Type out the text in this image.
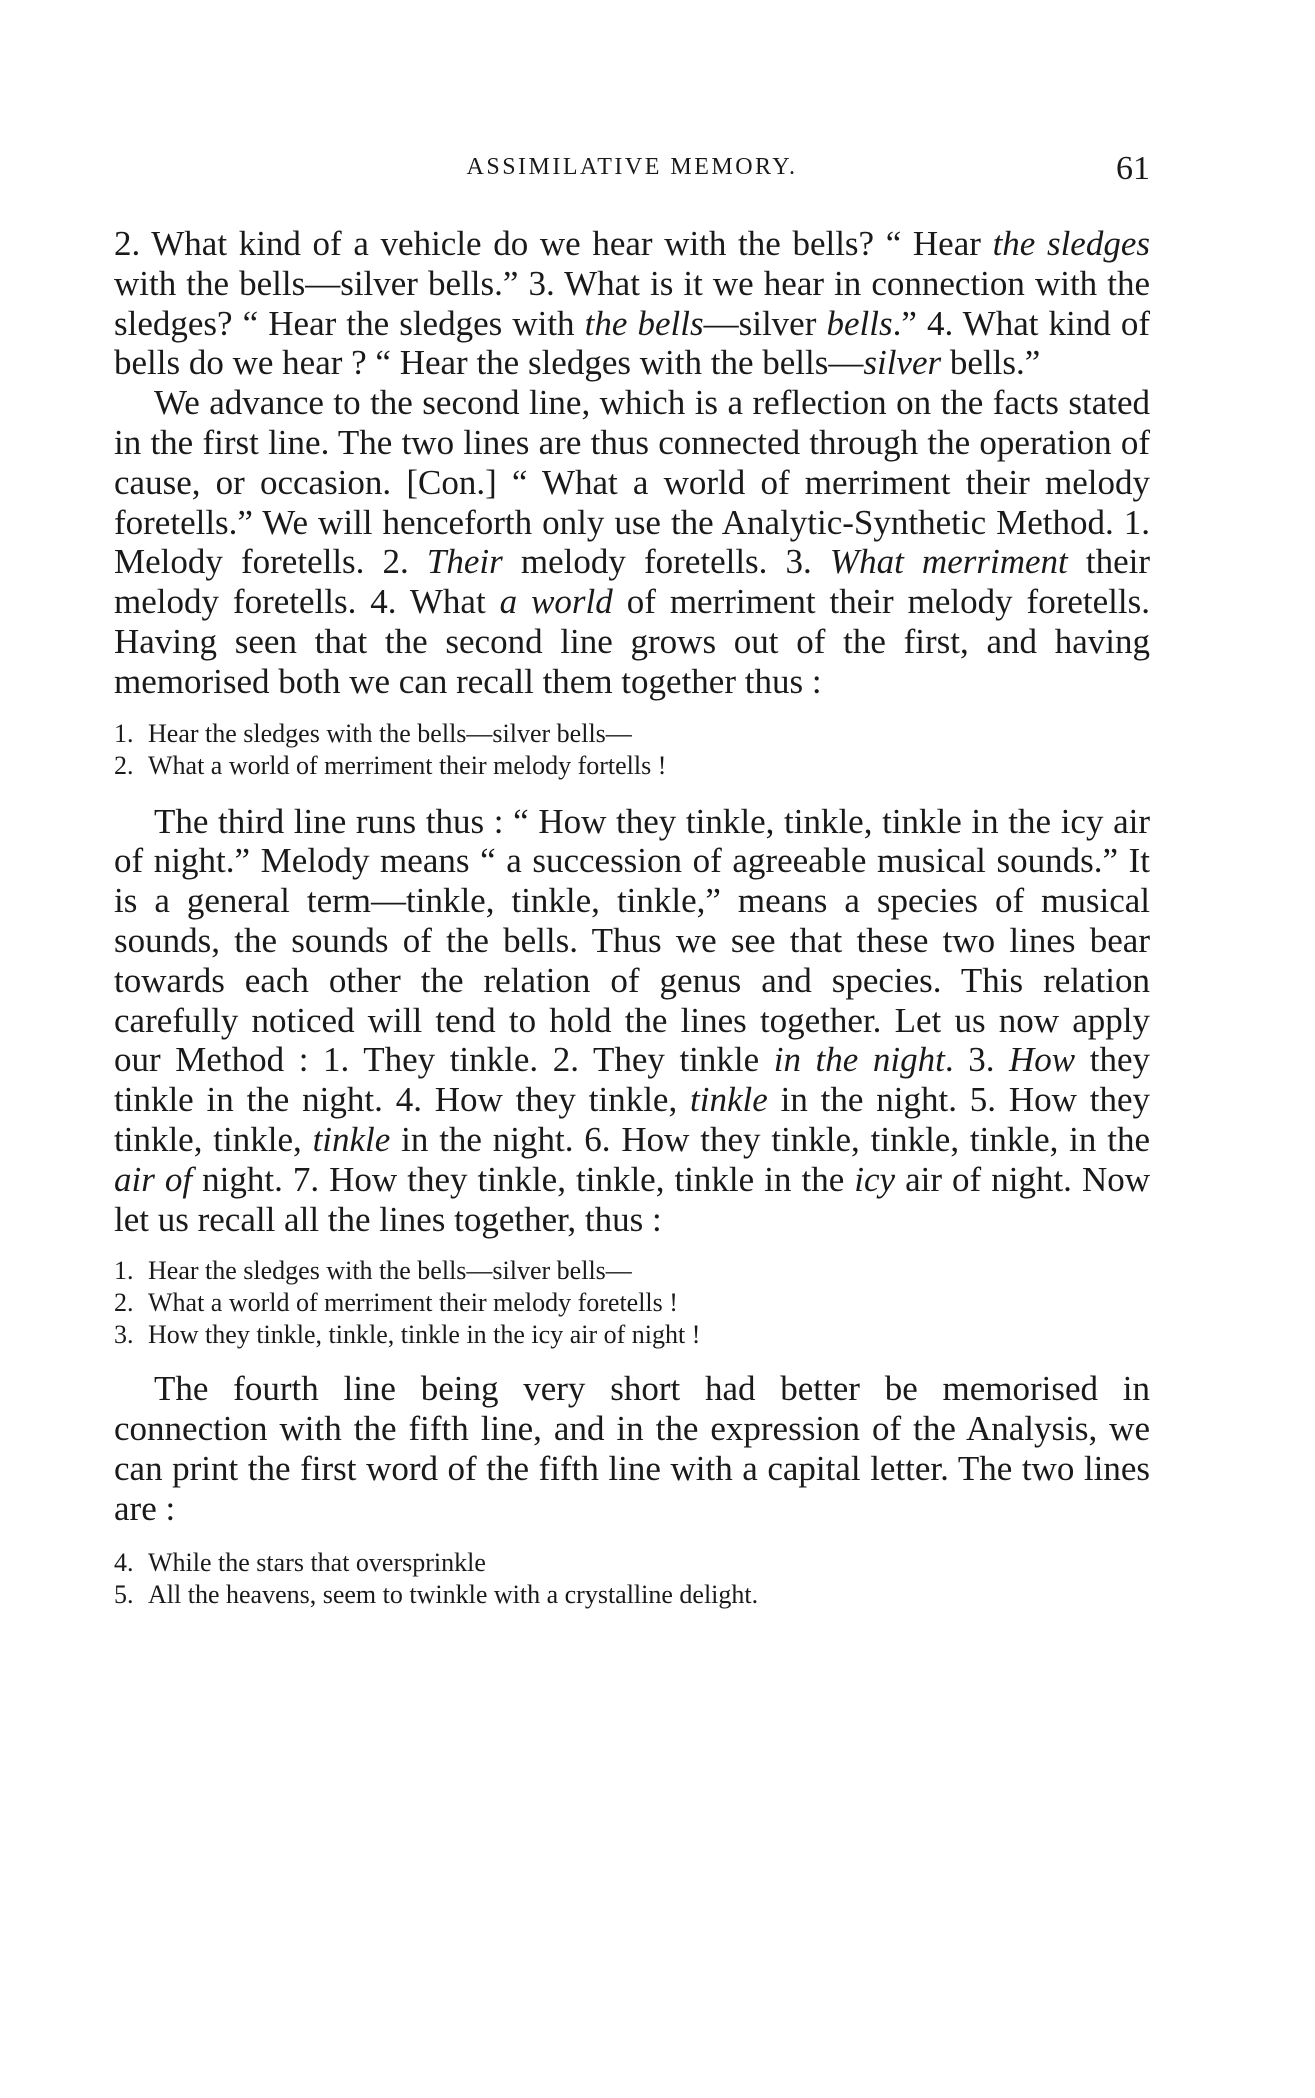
ASSIMILATIVE MEMORY.	61

2. What kind of a vehicle do we hear with the bells? “ Hear the sledges with the bells—silver bells.” 3. What is it we hear in connection with the sledges? “ Hear the sledges with the bells—silver bells.” 4. What kind of bells do we hear ? “ Hear the sledges with the bells—silver bells.”

We advance to the second line, which is a reflection on the facts stated in the first line. The two lines are thus connected through the operation of cause, or occasion. [Con.] “ What a world of merriment their melody foretells.” We will henceforth only use the Analytic-Synthetic Method. 1. Melody foretells. 2. Their melody foretells. 3. What merriment their melody foretells. 4. What a world of merriment their melody foretells. Having seen that the second line grows out of the first, and having memorised both we can recall them together thus :

1. Hear the sledges with the bells—silver bells—
2. What a world of merriment their melody fortells !

The third line runs thus : “ How they tinkle, tinkle, tinkle in the icy air of night.” Melody means “ a succession of agreeable musical sounds.” It is a general term—tinkle, tinkle, tinkle,” means a species of musical sounds, the sounds of the bells. Thus we see that these two lines bear towards each other the relation of genus and species. This relation carefully noticed will tend to hold the lines together. Let us now apply our Method : 1. They tinkle. 2. They tinkle in the night. 3. How they tinkle in the night. 4. How they tinkle, tinkle in the night. 5. How they tinkle, tinkle, tinkle in the night. 6. How they tinkle, tinkle, tinkle, in the air of night. 7. How they tinkle, tinkle, tinkle in the icy air of night. Now let us recall all the lines together, thus :

1. Hear the sledges with the bells—silver bells—
2. What a world of merriment their melody foretells !
3. How they tinkle, tinkle, tinkle in the icy air of night !

The fourth line being very short had better be memorised in connection with the fifth line, and in the expression of the Analysis, we can print the first word of the fifth line with a capital letter. The two lines are :

4. While the stars that oversprinkle
5. All the heavens, seem to twinkle with a crystalline delight.
